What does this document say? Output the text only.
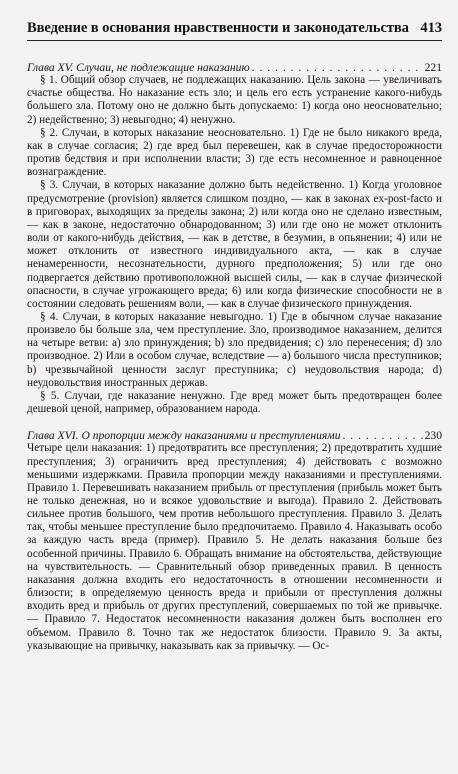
Введение в основания нравственности и законодательства 413
Глава XV. Случаи, не подлежащие наказанию . . .	221

§ 1. Общий обзор случаев, не подлежащих наказанию. Цель закона — увеличивать счастье общества. Но наказание есть зло; и цель его есть устранение какого-нибудь большего зла. Потому оно не должно быть допускаемо: 1) когда оно неосновательно; 2) недейственно; 3) невыгодно; 4) ненужно.

§ 2. Случаи, в которых наказание неосновательно. 1) Где не было никакого вреда, как в случае согласия; 2) где вред был перевешен, как в случае предосторожности против бедствия и при исполнении власти; 3) где есть несомненное и равноценное вознаграждение.

§ 3. Случаи, в которых наказание должно быть недейственно. 1) Когда уголовное предусмотрение (provision) является слишком поздно, — как в законах ex-post-facto и в приговорах, выходящих за пределы закона; 2) или когда оно не сделано известным, — как в законе, недостаточно обнародованном; 3) или где оно не может отклонить воли от какого-нибудь действия, — как в детстве, в безумии, в опьянении; 4) или не может отклонить от известного индивидуального акта, — как в случае ненамеренности, несознательности, дурного предположения; 5) или где оно подвергается действию противоположной высшей силы, — как в случае физической опасности, в случае угрожающего вреда; 6) или когда физические способности не в состоянии следовать решениям воли, — как в случае физического принуждения.

§ 4. Случаи, в которых наказание невыгодно. 1) Где в обычном случае наказание произвело бы больше зла, чем преступление. Зло, производимое наказанием, делится на четыре ветви: a) зло принуждения; b) зло предвидения; c) зло перенесения; d) зло производное. 2) Или в особом случае, вследствие — a) большого числа преступников; b) чрезвычайной ценности заслуг преступника; c) неудовольствия народа; d) неудовольствия иностранных держав.

§ 5. Случаи, где наказание ненужно. Где вред может быть предотвращен более дешевой ценой, например, образованием народа.

Глава XVI. О пропорции между наказаниями и преступлениями . . .	230

Четыре цели наказания: 1) предотвратить все преступления; 2) предотвратить худшие преступления; 3) ограничить вред преступления; 4) действовать с возможно меньшими издержками. Правила пропорции между наказаниями и преступлениями. Правило 1. Перевешивать наказанием прибыль от преступления (прибыль может быть не только денежная, но и всякое удовольствие и выгода). Правило 2. Действовать сильнее против большого, чем против небольшого преступления. Правило 3. Делать так, чтобы меньшее преступление было предпочитаемо. Правило 4. Наказывать особо за каждую часть вреда (пример). Правило 5. Не делать наказания больше без особенной причины. Правило 6. Обращать внимание на обстоятельства, действующие на чувствительность. — Сравнительный обзор приведенных правил. В ценность наказания должна входить его недостаточность в отношении несомненности и близости; в определяемую ценность вреда и прибыли от преступления должны входить вред и прибыль от других преступлений, совершаемых по той же привычке. — Правило 7. Недостаток несомненности наказания должен быть восполнен его объемом. Правило 8. Точно так же недостаток близости. Правило 9. За акты, указывающие на привычку, наказывать как за привычку. — Ос-
